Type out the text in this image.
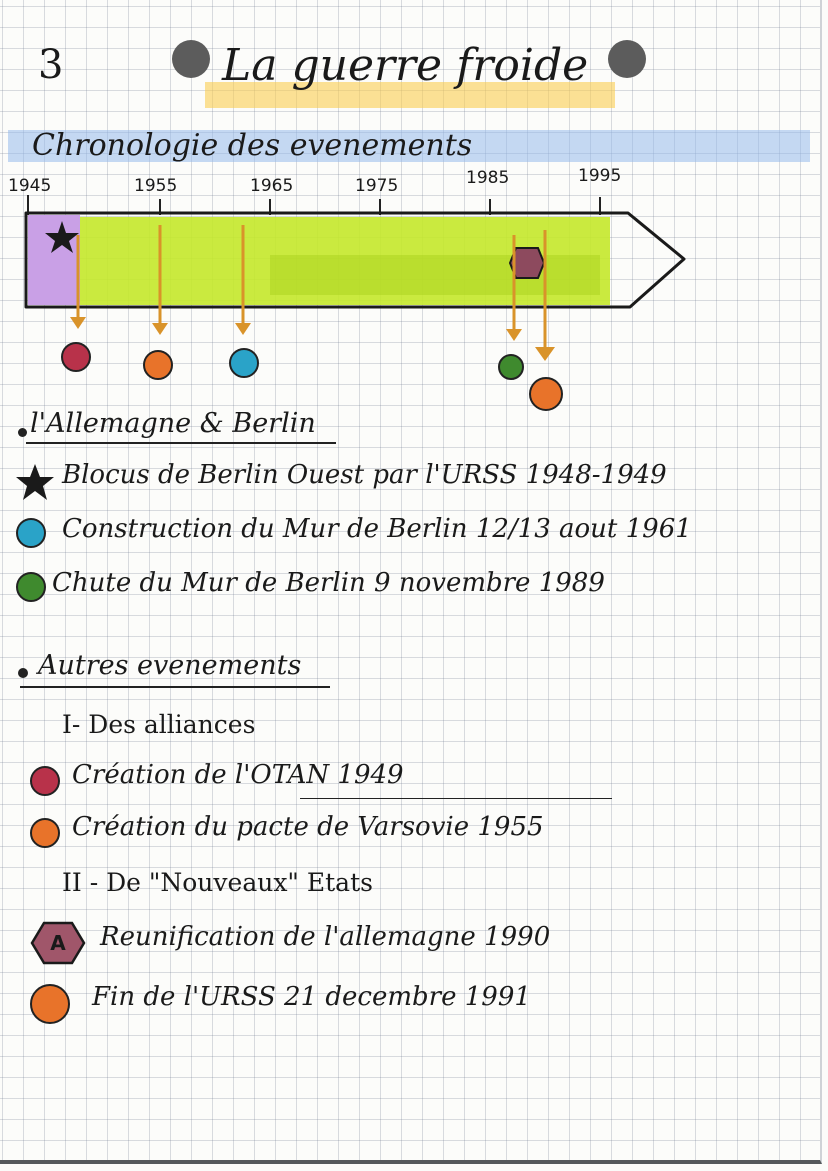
3	La guerre froide
Chronologie des evenements
1945	1955	1965	1975	1985	1995
l'Allemagne & Berlin
Blocus de Berlin Ouest par l'URSS 1948-1949
Construction du Mur de Berlin 12/13 aout 1961
Chute du Mur de Berlin 9 novembre 1989
Autres evenements
I- Des alliances
Création de l'OTAN 1949
Création du pacte de Varsovie 1955
II - De "Nouveaux" Etats
A Reunification de l'allemagne 1990
Fin de l'URSS 21 decembre 1991
